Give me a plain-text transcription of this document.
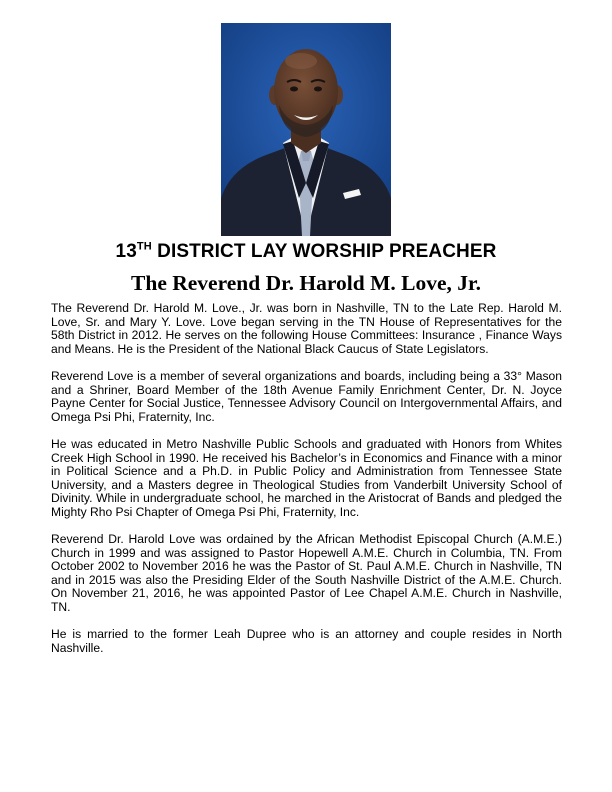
13TH DISTRICT LAY WORSHIP PREACHER
The Reverend Dr. Harold M. Love, Jr.

The Reverend Dr. Harold M. Love., Jr. was born in Nashville, TN to the Late Rep. Harold M. Love, Sr. and Mary Y. Love. Love began serving in the TN House of Representatives for the 58th District in 2012. He serves on the following House Committees: Insurance , Finance Ways and Means. He is the President of the National Black Caucus of State Legislators.

Reverend Love is a member of several organizations and boards, including being a 33° Mason and a Shriner, Board Member of the 18th Avenue Family Enrichment Center, Dr. N. Joyce Payne Center for Social Justice, Tennessee Advisory Council on Intergovernmental Affairs, and Omega Psi Phi, Fraternity, Inc.

He was educated in Metro Nashville Public Schools and graduated with Honors from Whites Creek High School in 1990. He received his Bachelor’s in Economics and Finance with a minor in Political Science and a Ph.D. in Public Policy and Administration from Tennessee State University, and a Masters degree in Theological Studies from Vanderbilt University School of Divinity. While in undergraduate school, he marched in the Aristocrat of Bands and pledged the Mighty Rho Psi Chapter of Omega Psi Phi, Fraternity, Inc.

Reverend Dr. Harold Love was ordained by the African Methodist Episcopal Church (A.M.E.) Church in 1999 and was assigned to Pastor Hopewell A.M.E. Church in Columbia, TN. From October 2002 to November 2016 he was the Pastor of St. Paul A.M.E. Church in Nashville, TN and in 2015 was also the Presiding Elder of the South Nashville District of the A.M.E. Church. On November 21, 2016, he was appointed Pastor of Lee Chapel A.M.E. Church in Nashville, TN.

He is married to the former Leah Dupree who is an attorney and couple resides in North Nashville.
